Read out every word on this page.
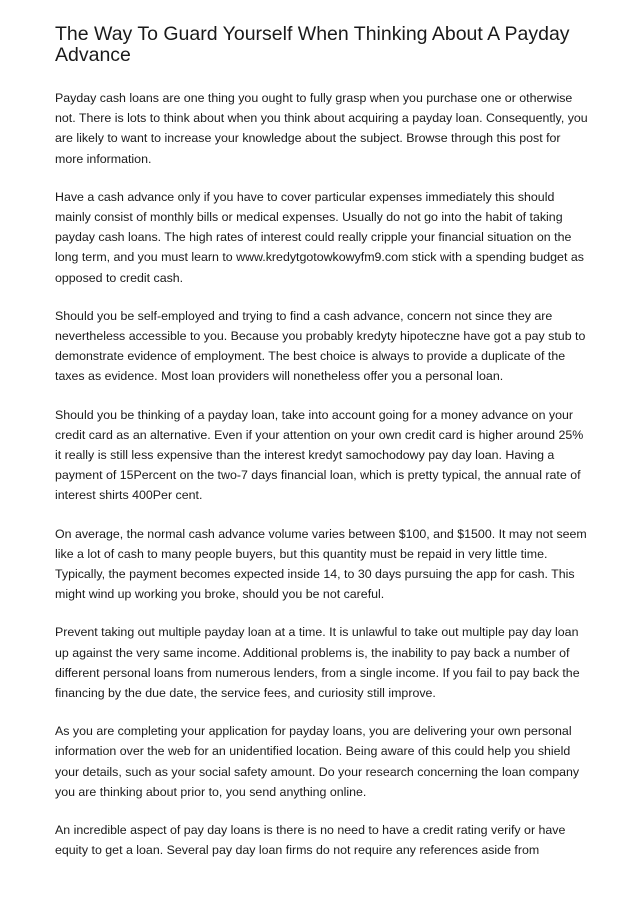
The Way To Guard Yourself When Thinking About A Payday Advance

Payday cash loans are one thing you ought to fully grasp when you purchase one or otherwise not. There is lots to think about when you think about acquiring a payday loan. Consequently, you are likely to want to increase your knowledge about the subject. Browse through this post for more information.

Have a cash advance only if you have to cover particular expenses immediately this should mainly consist of monthly bills or medical expenses. Usually do not go into the habit of taking payday cash loans. The high rates of interest could really cripple your financial situation on the long term, and you must learn to www.kredytgotowkowyfm9.com stick with a spending budget as opposed to credit cash.

Should you be self-employed and trying to find a cash advance, concern not since they are nevertheless accessible to you. Because you probably kredyty hipoteczne have got a pay stub to demonstrate evidence of employment. The best choice is always to provide a duplicate of the taxes as evidence. Most loan providers will nonetheless offer you a personal loan.

Should you be thinking of a payday loan, take into account going for a money advance on your credit card as an alternative. Even if your attention on your own credit card is higher around 25% it really is still less expensive than the interest kredyt samochodowy pay day loan. Having a payment of 15Percent on the two-7 days financial loan, which is pretty typical, the annual rate of interest shirts 400Per cent.

On average, the normal cash advance volume varies between $100, and $1500. It may not seem like a lot of cash to many people buyers, but this quantity must be repaid in very little time. Typically, the payment becomes expected inside 14, to 30 days pursuing the app for cash. This might wind up working you broke, should you be not careful.

Prevent taking out multiple payday loan at a time. It is unlawful to take out multiple pay day loan up against the very same income. Additional problems is, the inability to pay back a number of different personal loans from numerous lenders, from a single income. If you fail to pay back the financing by the due date, the service fees, and curiosity still improve.

As you are completing your application for payday loans, you are delivering your own personal information over the web for an unidentified location. Being aware of this could help you shield your details, such as your social safety amount. Do your research concerning the loan company you are thinking about prior to, you send anything online.

An incredible aspect of pay day loans is there is no need to have a credit rating verify or have equity to get a loan. Several pay day loan firms do not require any references aside from
